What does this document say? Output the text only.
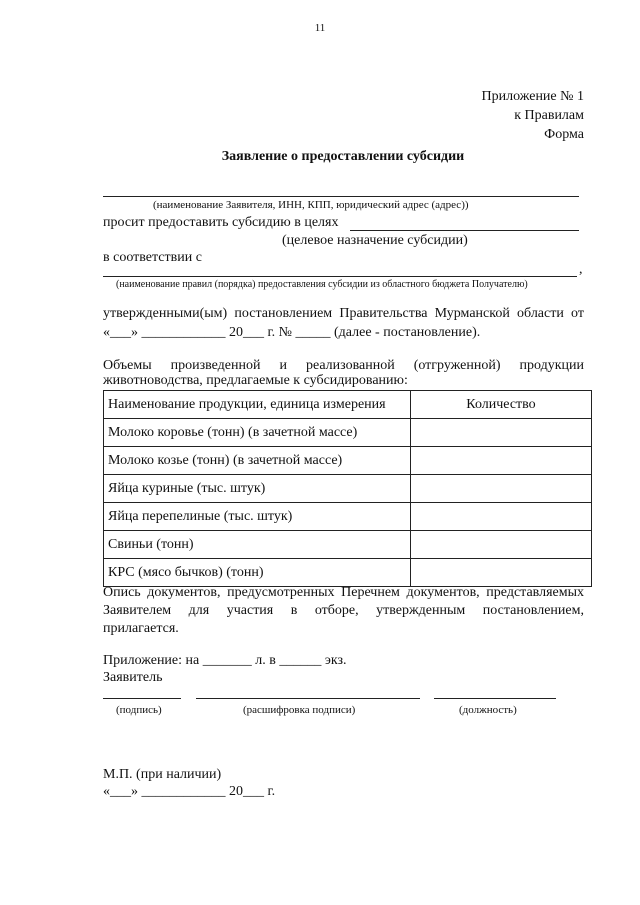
11
Приложение № 1
к Правилам
Форма
Заявление о предоставлении субсидии
(наименование Заявителя, ИНН, КПП, юридический адрес (адрес))
просит предоставить субсидию в целях
(целевое назначение субсидии)
в соответствии с
,
(наименование правил (порядка) предоставления субсидии из областного бюджета Получателю)
утвержденными(ым) постановлением Правительства Мурманской области от
«___» ____________ 20___ г. № _____ (далее - постановление).
Объемы произведенной и реализованной (отгруженной) продукции
животноводства, предлагаемые к субсидированию:
Наименование продукции, единица измерения	Количество
Молоко коровье (тонн) (в зачетной массе)	
Молоко козье (тонн) (в зачетной массе)	
Яйца куриные (тыс. штук)	
Яйца перепелиные (тыс. штук)	
Свиньи (тонн)	
КРС (мясо бычков) (тонн)	
Опись документов, предусмотренных Перечнем документов, представляемых
Заявителем для участия в отборе, утвержденным постановлением,
прилагается.
Приложение: на _______ л. в ______ экз.
Заявитель
(подпись)	(расшифровка подписи)	(должность)
М.П. (при наличии)
«___» ____________ 20___ г.
